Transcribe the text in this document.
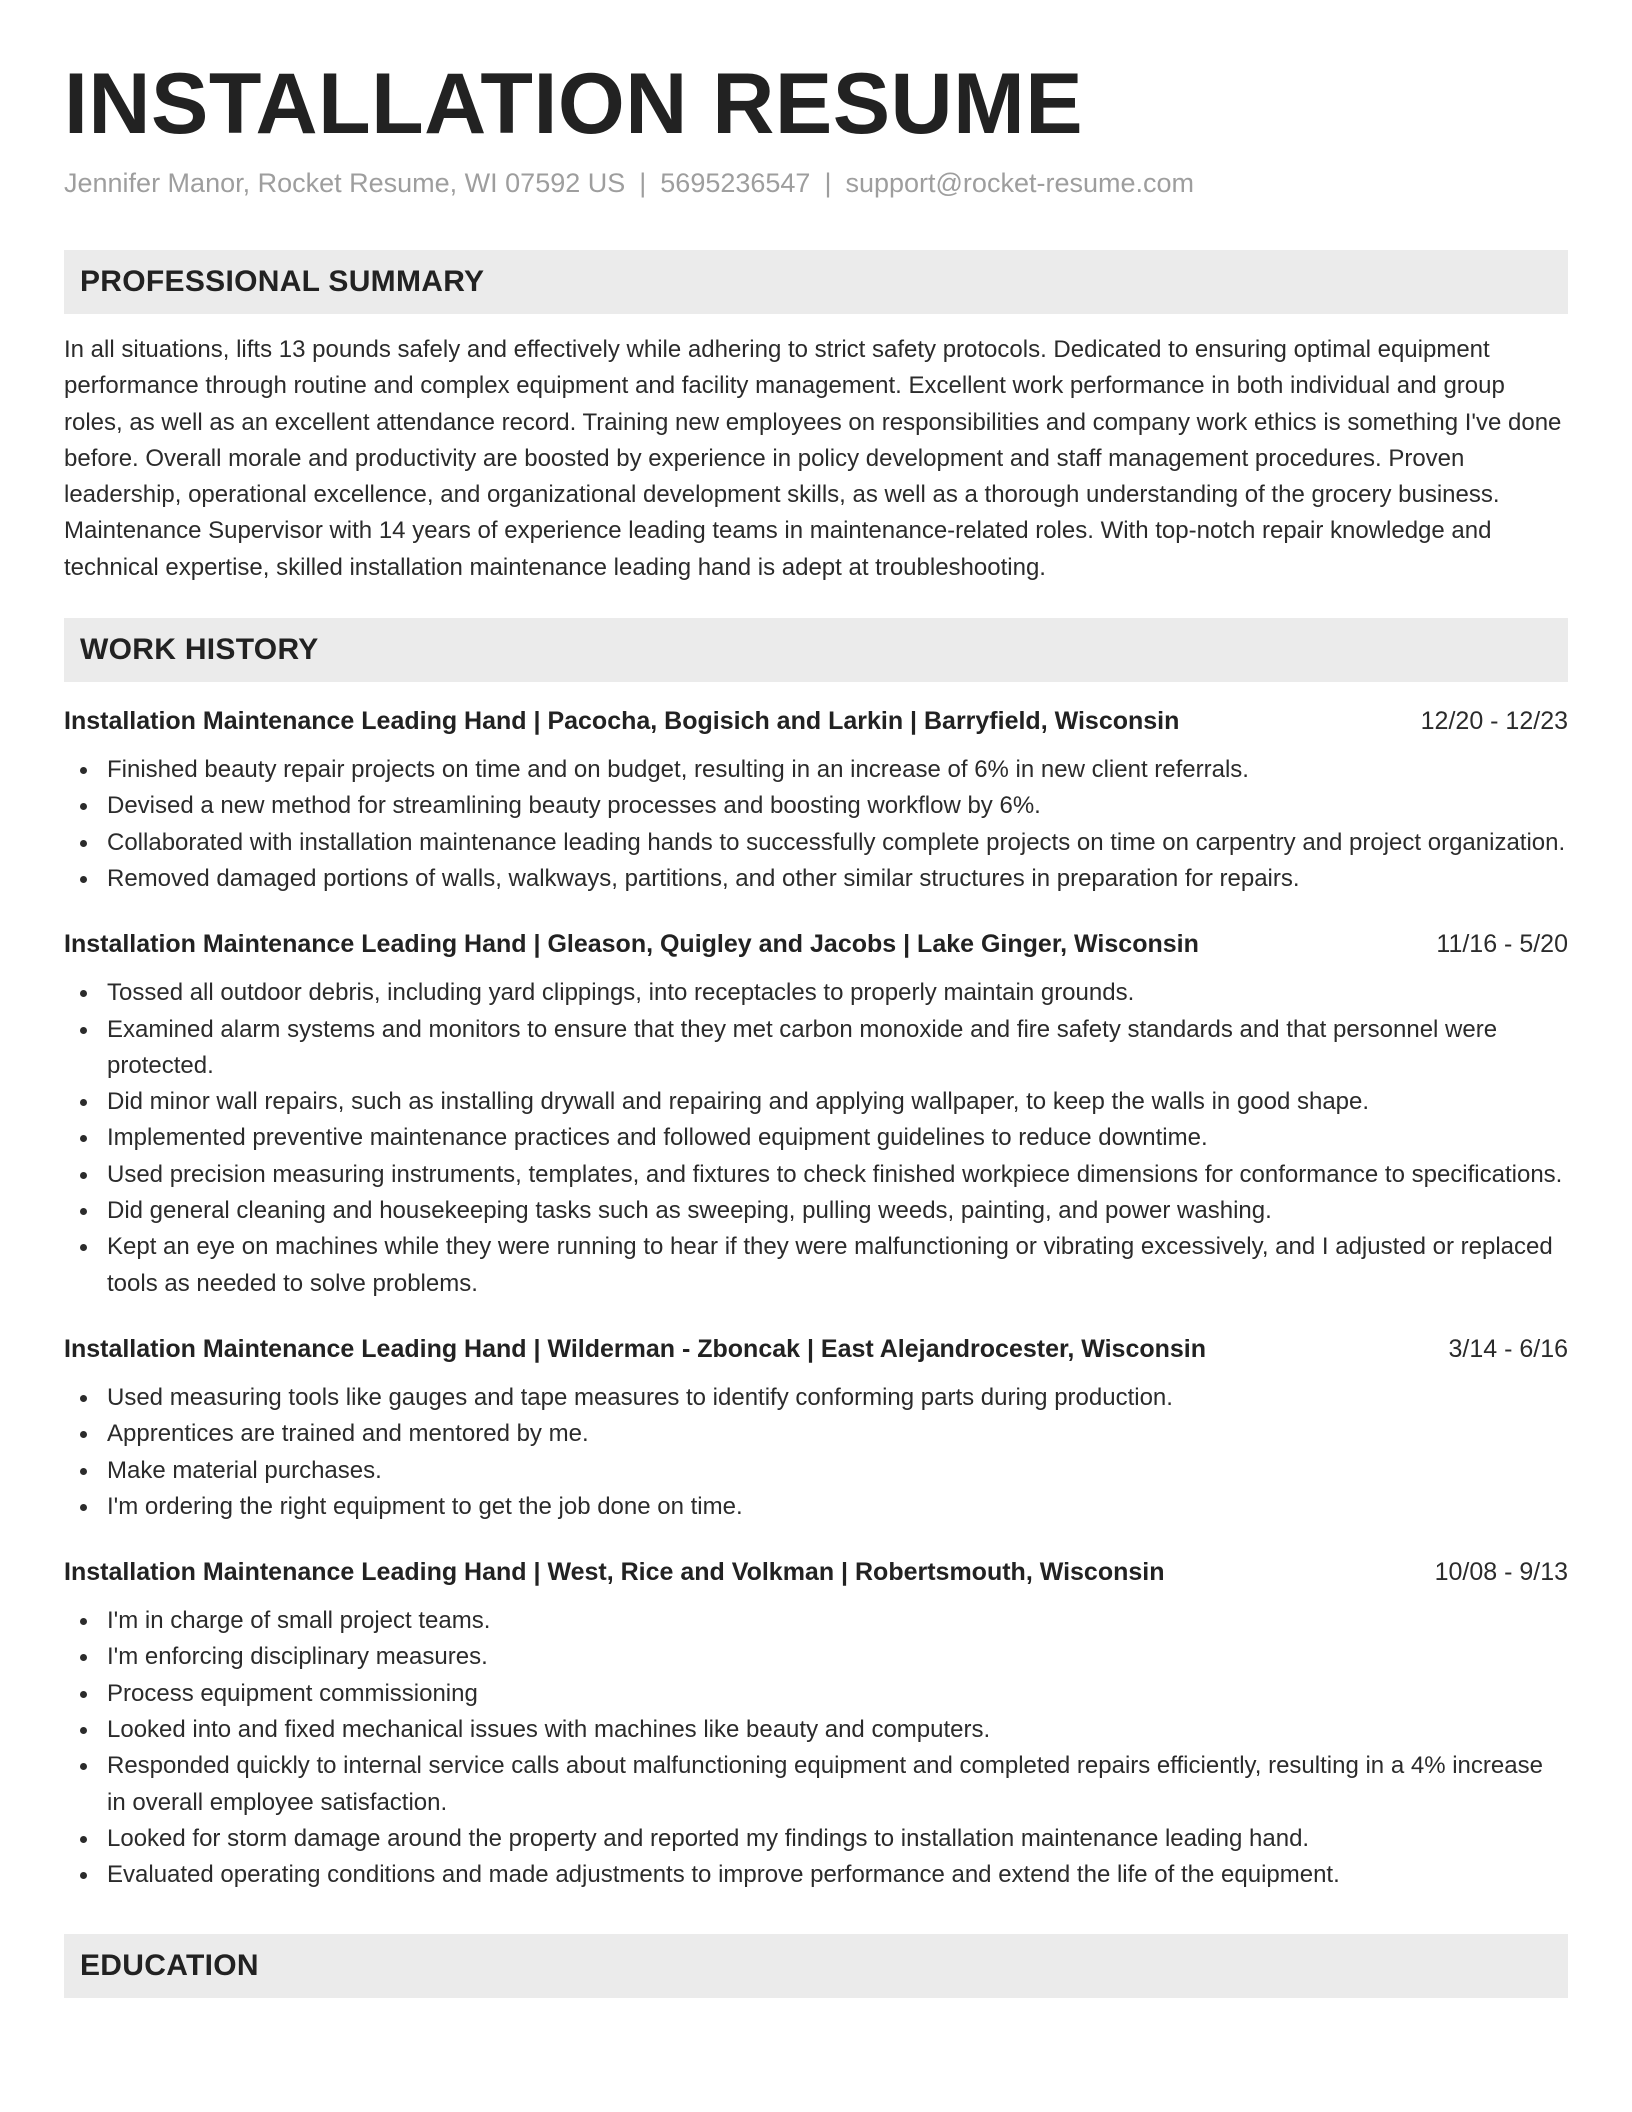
INSTALLATION RESUME
Jennifer Manor, Rocket Resume, WI 07592 US | 5695236547 | support@rocket-resume.com
PROFESSIONAL SUMMARY
In all situations, lifts 13 pounds safely and effectively while adhering to strict safety protocols. Dedicated to ensuring optimal equipment performance through routine and complex equipment and facility management. Excellent work performance in both individual and group roles, as well as an excellent attendance record. Training new employees on responsibilities and company work ethics is something I've done before. Overall morale and productivity are boosted by experience in policy development and staff management procedures. Proven leadership, operational excellence, and organizational development skills, as well as a thorough understanding of the grocery business. Maintenance Supervisor with 14 years of experience leading teams in maintenance-related roles. With top-notch repair knowledge and technical expertise, skilled installation maintenance leading hand is adept at troubleshooting.
WORK HISTORY
Installation Maintenance Leading Hand | Pacocha, Bogisich and Larkin | Barryfield, Wisconsin	12/20 - 12/23
Finished beauty repair projects on time and on budget, resulting in an increase of 6% in new client referrals.
Devised a new method for streamlining beauty processes and boosting workflow by 6%.
Collaborated with installation maintenance leading hands to successfully complete projects on time on carpentry and project organization.
Removed damaged portions of walls, walkways, partitions, and other similar structures in preparation for repairs.
Installation Maintenance Leading Hand | Gleason, Quigley and Jacobs | Lake Ginger, Wisconsin	11/16 - 5/20
Tossed all outdoor debris, including yard clippings, into receptacles to properly maintain grounds.
Examined alarm systems and monitors to ensure that they met carbon monoxide and fire safety standards and that personnel were protected.
Did minor wall repairs, such as installing drywall and repairing and applying wallpaper, to keep the walls in good shape.
Implemented preventive maintenance practices and followed equipment guidelines to reduce downtime.
Used precision measuring instruments, templates, and fixtures to check finished workpiece dimensions for conformance to specifications.
Did general cleaning and housekeeping tasks such as sweeping, pulling weeds, painting, and power washing.
Kept an eye on machines while they were running to hear if they were malfunctioning or vibrating excessively, and I adjusted or replaced tools as needed to solve problems.
Installation Maintenance Leading Hand | Wilderman - Zboncak | East Alejandrocester, Wisconsin	3/14 - 6/16
Used measuring tools like gauges and tape measures to identify conforming parts during production.
Apprentices are trained and mentored by me.
Make material purchases.
I'm ordering the right equipment to get the job done on time.
Installation Maintenance Leading Hand | West, Rice and Volkman | Robertsmouth, Wisconsin	10/08 - 9/13
I'm in charge of small project teams.
I'm enforcing disciplinary measures.
Process equipment commissioning
Looked into and fixed mechanical issues with machines like beauty and computers.
Responded quickly to internal service calls about malfunctioning equipment and completed repairs efficiently, resulting in a 4% increase in overall employee satisfaction.
Looked for storm damage around the property and reported my findings to installation maintenance leading hand.
Evaluated operating conditions and made adjustments to improve performance and extend the life of the equipment.
EDUCATION
